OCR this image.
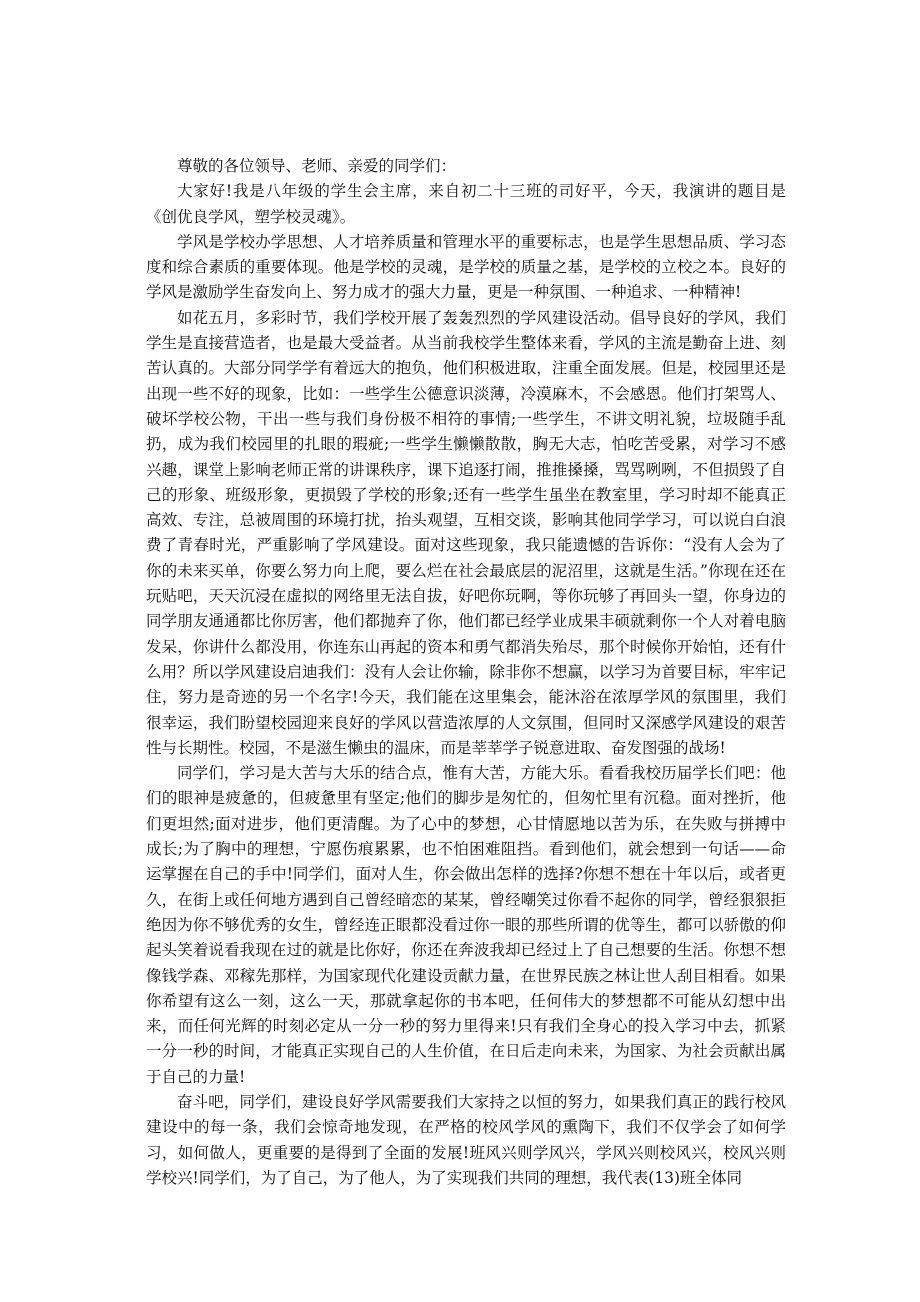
尊敬的各位领导、老师、亲爱的同学们：

大家好!我是八年级的学生会主席，来自初二十三班的司好平，今天，我演讲的题目是《创优良学风，塑学校灵魂》。

学风是学校办学思想、人才培养质量和管理水平的重要标志，也是学生思想品质、学习态度和综合素质的重要体现。他是学校的灵魂，是学校的质量之基，是学校的立校之本。良好的学风是激励学生奋发向上、努力成才的强大力量，更是一种氛围、一种追求、一种精神!

如花五月，多彩时节，我们学校开展了轰轰烈烈的学风建设活动。倡导良好的学风，我们学生是直接营造者，也是最大受益者。从当前我校学生整体来看，学风的主流是勤奋上进、刻苦认真的。大部分同学学有着远大的抱负，他们积极进取，注重全面发展。但是，校园里还是出现一些不好的现象，比如：一些学生公德意识淡薄，冷漠麻木，不会感恩。他们打架骂人、破坏学校公物，干出一些与我们身份极不相符的事情;一些学生，不讲文明礼貌，垃圾随手乱扔，成为我们校园里的扎眼的瑕疵;一些学生懒懒散散，胸无大志，怕吃苦受累，对学习不感兴趣，课堂上影响老师正常的讲课秩序，课下追逐打闹，推推搡搡，骂骂咧咧，不但损毁了自己的形象、班级形象，更损毁了学校的形象;还有一些学生虽坐在教室里，学习时却不能真正高效、专注，总被周围的环境打扰，抬头观望，互相交谈，影响其他同学学习，可以说白白浪费了青春时光，严重影响了学风建设。面对这些现象，我只能遗憾的告诉你：“没有人会为了你的未来买单，你要么努力向上爬，要么烂在社会最底层的泥沼里，这就是生活。”你现在还在玩贴吧，天天沉浸在虚拟的网络里无法自拔，好吧你玩啊，等你玩够了再回头一望，你身边的同学朋友通通都比你厉害，他们都抛弃了你，他们都已经学业成果丰硕就剩你一个人对着电脑发呆，你讲什么都没用，你连东山再起的资本和勇气都消失殆尽，那个时候你开始怕，还有什么用？所以学风建设启迪我们：没有人会让你输，除非你不想赢，以学习为首要目标，牢牢记住，努力是奇迹的另一个名字!今天，我们能在这里集会，能沐浴在浓厚学风的氛围里，我们很幸运，我们盼望校园迎来良好的学风以营造浓厚的人文氛围，但同时又深感学风建设的艰苦性与长期性。校园，不是滋生懒虫的温床，而是莘莘学子锐意进取、奋发图强的战场!

同学们，学习是大苦与大乐的结合点，惟有大苦，方能大乐。看看我校历届学长们吧：他们的眼神是疲惫的，但疲惫里有坚定;他们的脚步是匆忙的，但匆忙里有沉稳。面对挫折，他们更坦然;面对进步，他们更清醒。为了心中的梦想，心甘情愿地以苦为乐，在失败与拼搏中成长;为了胸中的理想，宁愿伤痕累累，也不怕困难阻挡。看到他们，就会想到一句话——命运掌握在自己的手中!同学们，面对人生，你会做出怎样的选择?你想不想在十年以后，或者更久，在街上或任何地方遇到自己曾经暗恋的某某，曾经嘲笑过你看不起你的同学，曾经狠狠拒绝因为你不够优秀的女生，曾经连正眼都没看过你一眼的那些所谓的优等生，都可以骄傲的仰起头笑着说看我现在过的就是比你好，你还在奔波我却已经过上了自己想要的生活。你想不想像钱学森、邓稼先那样，为国家现代化建设贡献力量，在世界民族之林让世人刮目相看。如果你希望有这么一刻，这么一天，那就拿起你的书本吧，任何伟大的梦想都不可能从幻想中出来，而任何光辉的时刻必定从一分一秒的努力里得来!只有我们全身心的投入学习中去，抓紧一分一秒的时间，才能真正实现自己的人生价值，在日后走向未来，为国家、为社会贡献出属于自己的力量!

奋斗吧，同学们，建设良好学风需要我们大家持之以恒的努力，如果我们真正的践行校风建设中的每一条，我们会惊奇地发现，在严格的校风学风的熏陶下，我们不仅学会了如何学习，如何做人，更重要的是得到了全面的发展!班风兴则学风兴，学风兴则校风兴，校风兴则学校兴!同学们，为了自己，为了他人，为了实现我们共同的理想，我代表(13)班全体同
